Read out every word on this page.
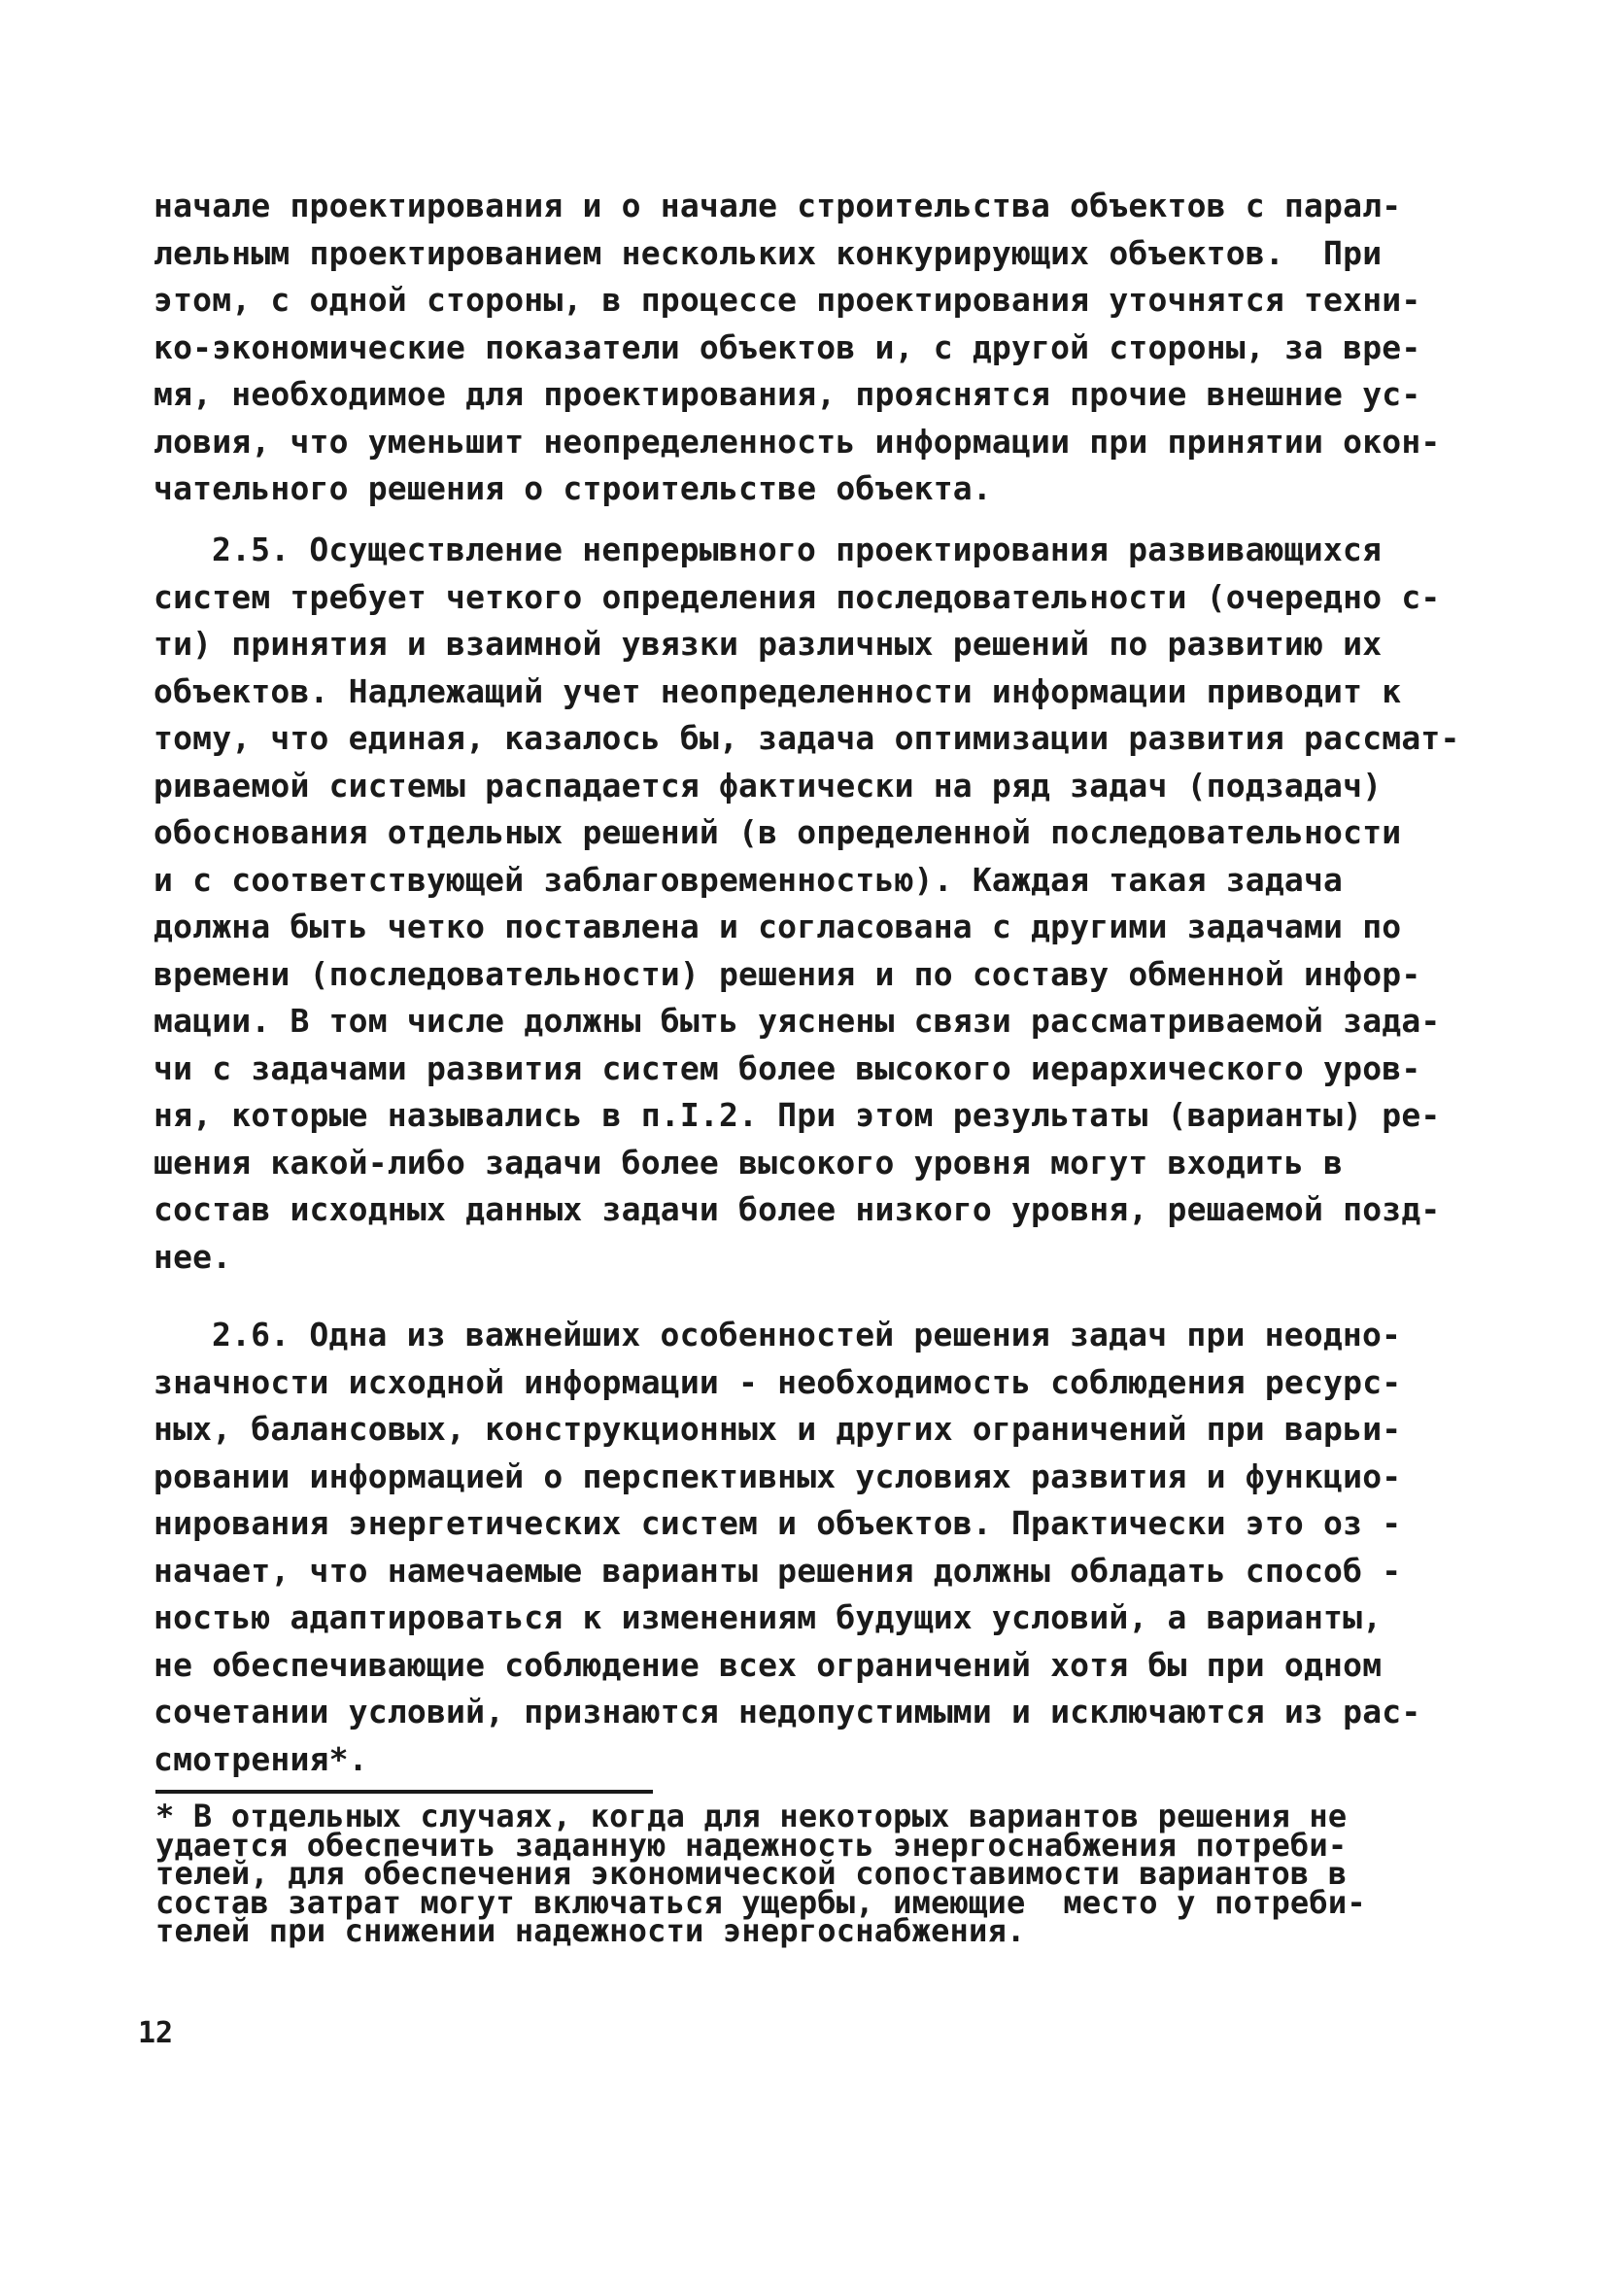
начале проектирования и о начале строительства объектов с парал-
лельным проектированием нескольких конкурирующих объектов.  При
этом, с одной стороны, в процессе проектирования уточнятся техни-
ко-экономические показатели объектов и, с другой стороны, за вре-
мя, необходимое для проектирования, прояснятся прочие внешние ус-
ловия, что уменьшит неопределенность информации при принятии окон-
чательного решения о строительстве объекта.
2.5. Осуществление непрерывного проектирования развивающихся
систем требует четкого определения последовательности (очередно с-
ти) принятия и взаимной увязки различных решений по развитию их
объектов. Надлежащий учет неопределенности информации приводит к
тому, что единая, казалось бы, задача оптимизации развития рассмат-
риваемой системы распадается фактически на ряд задач (подзадач)
обоснования отдельных решений (в определенной последовательности
и с соответствующей заблаговременностью). Каждая такая задача
должна быть четко поставлена и согласована с другими задачами по
времени (последовательности) решения и по составу обменной инфор-
мации. В том числе должны быть уяснены связи рассматриваемой зада-
чи с задачами развития систем более высокого иерархического уров-
ня, которые назывались в п.I.2. При этом результаты (варианты) ре-
шения какой-либо задачи более высокого уровня могут входить в
состав исходных данных задачи более низкого уровня, решаемой позд-
нее.
2.6. Одна из важнейших особенностей решения задач при неодно-
значности исходной информации - необходимость соблюдения ресурс-
ных, балансовых, конструкционных и других ограничений при варьи-
ровании информацией о перспективных условиях развития и функцио-
нирования энергетических систем и объектов. Практически это оз -
начает, что намечаемые варианты решения должны обладать способ -
ностью адаптироваться к изменениям будущих условий, а варианты,
не обеспечивающие соблюдение всех ограничений хотя бы при одном
сочетании условий, признаются недопустимыми и исключаются из рас-
смотрения*.
* В отдельных случаях, когда для некоторых вариантов решения не
удается обеспечить заданную надежность энергоснабжения потреби-
телей, для обеспечения экономической сопоставимости вариантов в
состав затрат могут включаться ущербы, имеющие  место у потреби-
телей при снижении надежности энергоснабжения.
12
